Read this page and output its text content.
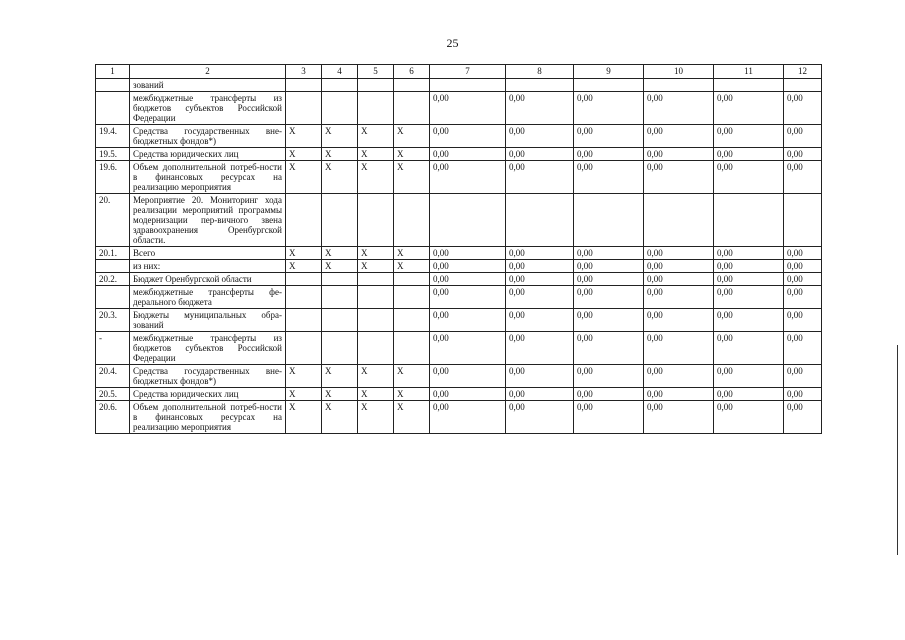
25
1	2	3	4	5	6	7	8	9	10	11	12
	зований										
	межбюджетные трансферты из бюджетов субъектов Российской Федерации					0,00	0,00	0,00	0,00	0,00	0,00
19.4.	Средства государственных вне-бюджетных фондов*)	X	X	X	X	0,00	0,00	0,00	0,00	0,00	0,00
19.5.	Средства юридических лиц	X	X	X	X	0,00	0,00	0,00	0,00	0,00	0,00
19.6.	Объем дополнительной потреб-ности в финансовых ресурсах на реализацию мероприятия	X	X	X	X	0,00	0,00	0,00	0,00	0,00	0,00
20.	Мероприятие 20. Мониторинг хода реализации мероприятий программы модернизации пер-вичного звена здравоохранения Оренбургской области.										
20.1.	Всего	X	X	X	X	0,00	0,00	0,00	0,00	0,00	0,00
	из них:	X	X	X	X	0,00	0,00	0,00	0,00	0,00	0,00
20.2.	Бюджет Оренбургской области					0,00	0,00	0,00	0,00	0,00	0,00
	межбюджетные трансферты фе-дерального бюджета					0,00	0,00	0,00	0,00	0,00	0,00
20.3.	Бюджеты муниципальных обра-зований					0,00	0,00	0,00	0,00	0,00	0,00
-	межбюджетные трансферты из бюджетов субъектов Российской Федерации					0,00	0,00	0,00	0,00	0,00	0,00
20.4.	Средства государственных вне-бюджетных фондов*)	X	X	X	X	0,00	0,00	0,00	0,00	0,00	0,00
20.5.	Средства юридических лиц	X	X	X	X	0,00	0,00	0,00	0,00	0,00	0,00
20.6.	Объем дополнительной потреб-ности в финансовых ресурсах на реализацию мероприятия	X	X	X	X	0,00	0,00	0,00	0,00	0,00	0,00
